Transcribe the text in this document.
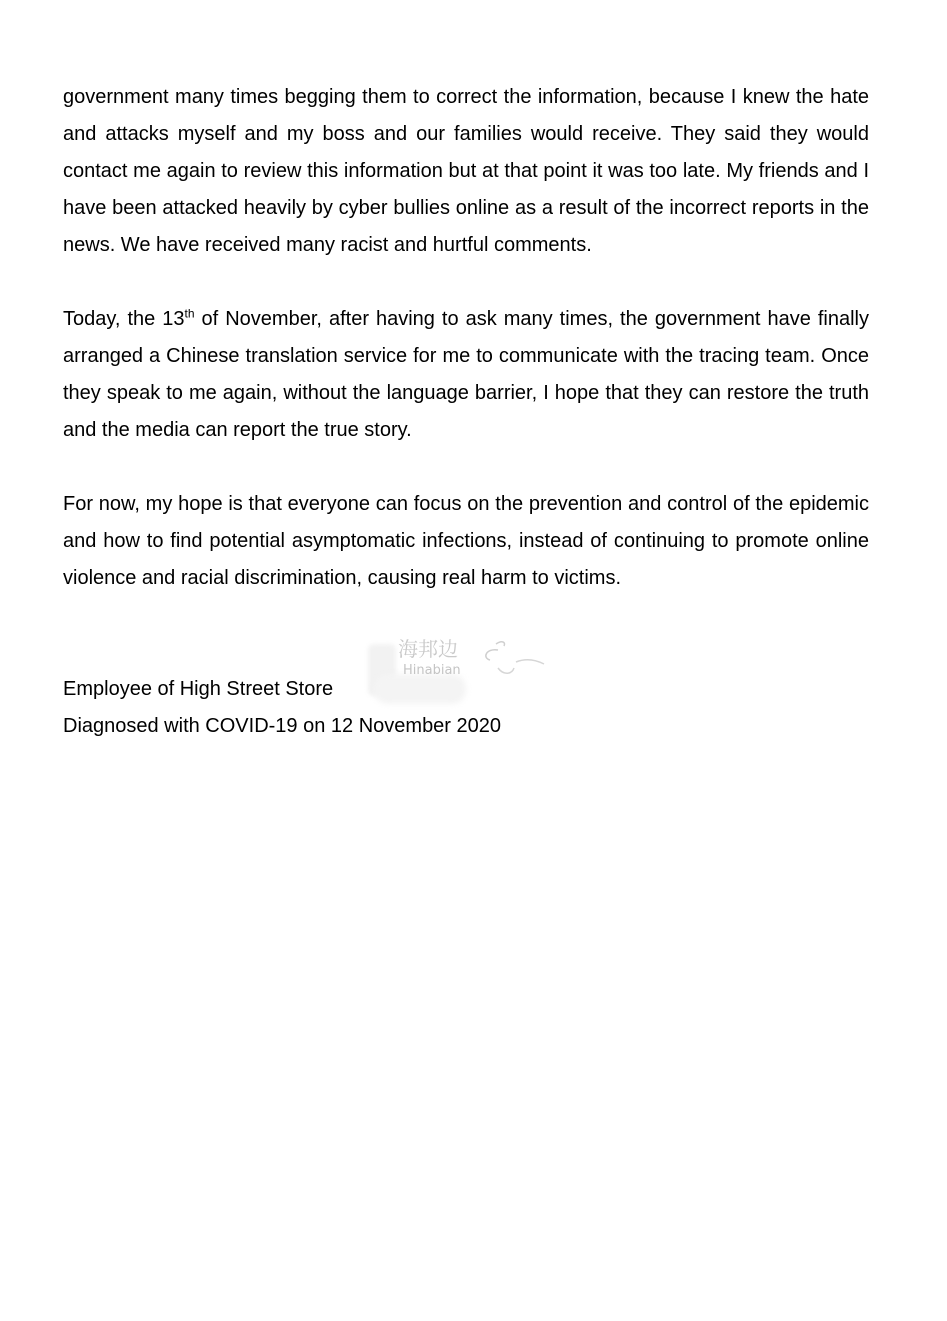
government many times begging them to correct the information, because I knew the hate and attacks myself and my boss and our families would receive. They said they would contact me again to review this information but at that point it was too late. My friends and I have been attacked heavily by cyber bullies online as a result of the incorrect reports in the news. We have received many racist and hurtful comments.

Today, the 13th of November, after having to ask many times, the government have finally arranged a Chinese translation service for me to communicate with the tracing team. Once they speak to me again, without the language barrier, I hope that they can restore the truth and the media can report the true story.

For now, my hope is that everyone can focus on the prevention and control of the epidemic and how to find potential asymptomatic infections, instead of continuing to promote online violence and racial discrimination, causing real harm to victims.

Employee of High Street Store
Diagnosed with COVID-19 on 12 November 2020
海邦边
Hinabian
